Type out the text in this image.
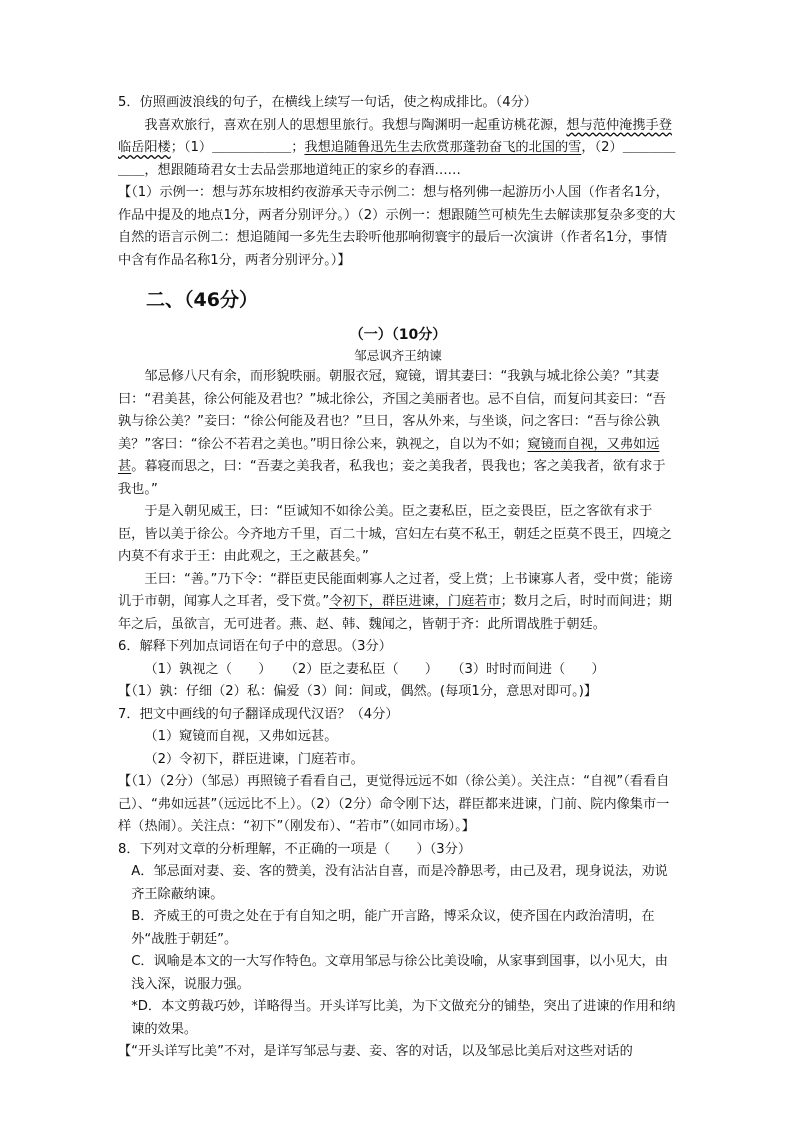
5．仿照画波浪线的句子，在横线上续写一句话，使之构成排比。（4分）

我喜欢旅行，喜欢在别人的思想里旅行。我想与陶渊明一起重访桃花源，想与范仲淹携手登临岳阳楼；（1）＿＿＿＿＿＿；我想追随鲁迅先生去欣赏那蓬勃奋飞的北国的雪，（2）＿＿＿＿＿＿，想跟随琦君女士去品尝那地道纯正的家乡的春酒……

【（1）示例一：想与苏东坡相约夜游承天寺示例二：想与格列佛一起游历小人国（作者名1分，作品中提及的地点1分，两者分别评分。）（2）示例一：想跟随竺可桢先生去解读那复杂多变的大自然的语言示例二：想追随闻一多先生去聆听他那响彻寰宇的最后一次演讲（作者名1分，事情中含有作品名称1分，两者分别评分。）】

二、（46分）

（一）（10分）

邹忌讽齐王纳谏

邹忌修八尺有余，而形貌昳丽。朝服衣冠，窥镜，谓其妻曰：“我孰与城北徐公美？”其妻曰：“君美甚，徐公何能及君也？”城北徐公，齐国之美丽者也。忌不自信，而复问其妾曰：“吾孰与徐公美？”妾曰：“徐公何能及君也？”旦日，客从外来，与坐谈，问之客曰：“吾与徐公孰美？”客曰：“徐公不若君之美也。”明日徐公来，孰视之，自以为不如；窥镜而自视，又弗如远甚。暮寝而思之，曰：“吾妻之美我者，私我也；妾之美我者，畏我也；客之美我者，欲有求于我也。”

于是入朝见威王，曰：“臣诚知不如徐公美。臣之妻私臣，臣之妾畏臣，臣之客欲有求于臣，皆以美于徐公。今齐地方千里，百二十城，宫妇左右莫不私王，朝廷之臣莫不畏王，四境之内莫不有求于王：由此观之，王之蔽甚矣。”

王曰：“善。”乃下令：“群臣吏民能面刺寡人之过者，受上赏；上书谏寡人者，受中赏；能谤讥于市朝，闻寡人之耳者，受下赏。”令初下，群臣进谏，门庭若市；数月之后，时时而间进；期年之后，虽欲言，无可进者。燕、赵、韩、魏闻之，皆朝于齐：此所谓战胜于朝廷。

6．解释下列加点词语在句子中的意思。（3分）

（1）孰视之（　　）　　（2）臣之妻私臣（　　）　　（3）时时而间进（　　）

【（1）孰：仔细（2）私：偏爱（3）间：间或，偶然。(每项1分，意思对即可。)】

7．把文中画线的句子翻译成现代汉语？（4分）

（1）窥镜而自视，又弗如远甚。

（2）令初下，群臣进谏，门庭若市。

【（1）（2分）（邹忌）再照镜子看看自己，更觉得远远不如（徐公美）。关注点：“自视”（看看自己）、“弗如远甚”（远远比不上）。（2）（2分）命令刚下达，群臣都来进谏，门前、院内像集市一样（热闹）。关注点：“初下”（刚发布）、“若市”（如同市场）。】

8．下列对文章的分析理解，不正确的一项是（　　）（3分）

A．邹忌面对妻、妾、客的赞美，没有沾沾自喜，而是冷静思考，由己及君，现身说法，劝说齐王除蔽纳谏。

B．齐威王的可贵之处在于有自知之明，能广开言路，博采众议，使齐国在内政治清明，在外“战胜于朝廷”。

C．讽喻是本文的一大写作特色。文章用邹忌与徐公比美设喻，从家事到国事，以小见大，由浅入深，说服力强。

*D．本文剪裁巧妙，详略得当。开头详写比美，为下文做充分的铺垫，突出了进谏的作用和纳谏的效果。

【“开头详写比美”不对，是详写邹忌与妻、妾、客的对话，以及邹忌比美后对这些对话的
